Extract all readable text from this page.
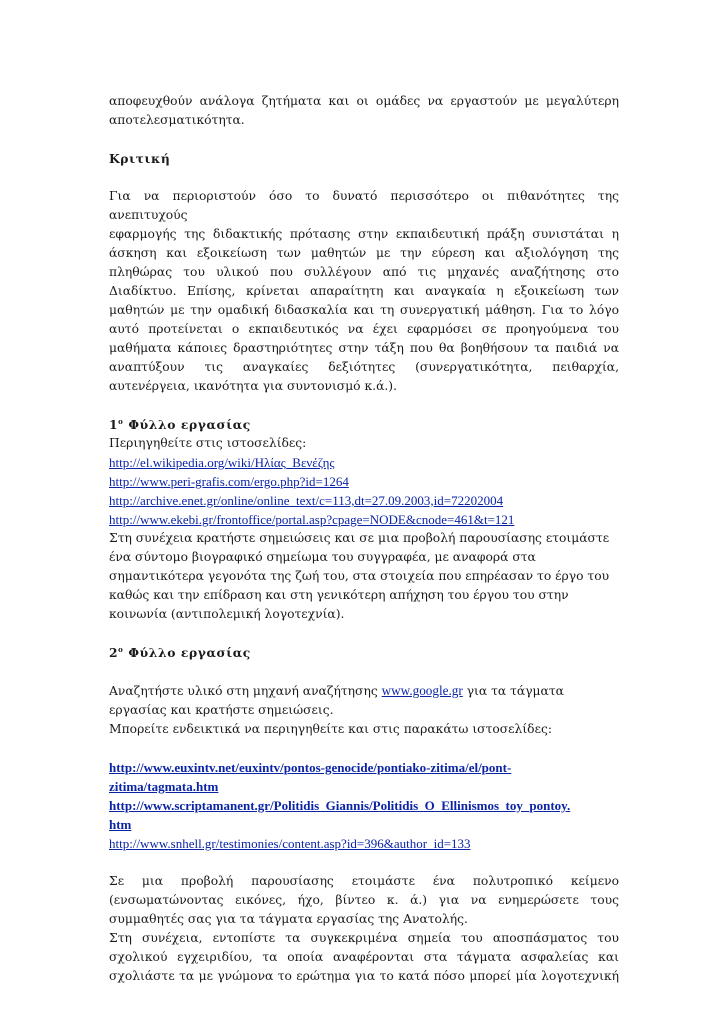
αποφευχθούν ανάλογα ζητήματα και οι ομάδες να εργαστούν με μεγαλύτερη

αποτελεσματικότητα.

Κριτική

Για να περιοριστούν όσο το δυνατό περισσότερο οι πιθανότητες της ανεπιτυχούς

εφαρμογής της διδακτικής πρότασης στην εκπαιδευτική πράξη συνιστάται η

άσκηση και εξοικείωση των μαθητών με την εύρεση και αξιολόγηση της

πληθώρας του υλικού που συλλέγουν από τις μηχανές αναζήτησης στο

Διαδίκτυο. Επίσης, κρίνεται απαραίτητη και αναγκαία η εξοικείωση των

μαθητών με την ομαδική διδασκαλία και τη συνεργατική μάθηση. Για το λόγο

αυτό προτείνεται ο εκπαιδευτικός να έχει εφαρμόσει σε προηγούμενα του

μαθήματα κάποιες δραστηριότητες στην τάξη που θα βοηθήσουν τα παιδιά να

αναπτύξουν τις αναγκαίες δεξιότητες (συνεργατικότητα, πειθαρχία,

αυτενέργεια, ικανότητα για συντονισμό κ.ά.).

$1^o$ Φύλλο εργασίας

Περιηγηθείτε στις ιστοσελίδες:

http://el.wikipedia.org/wiki/Ηλίας_Βενέζης
http://www.peri-grafis.com/ergo.php?id=1264
http://archive.enet.gr/online/online_text/c=113,dt=27.09.2003,id=72202004
http://www.ekebi.gr/frontoffice/portal.asp?cpage=NODE&cnode=461&t=121

Στη συνέχεια κρατήστε σημειώσεις και σε μια προβολή παρουσίασης ετοιμάστε

ένα σύντομο βιογραφικό σημείωμα του συγγραφέα, με αναφορά στα

σημαντικότερα γεγονότα της ζωή του, στα στοιχεία που επηρέασαν το έργο του

καθώς και την επίδραση και στη γενικότερη απήχηση του έργου του στην

κοινωνία (αντιπολεμική λογοτεχνία).

$2^o$ Φύλλο εργασίας

Αναζητήστε υλικό στη μηχανή αναζήτησης www.google.gr για τα τάγματα

εργασίας και κρατήστε σημειώσεις.

Μπορείτε ενδεικτικά να περιηγηθείτε και στις παρακάτω ιστοσελίδες:

http://www.euxintv.net/euxintv/pontos-genocide/pontiako-zitima/el/pont-
zitima/tagmata.htm
http://www.scriptamanent.gr/Politidis_Giannis/Politidis_O_Ellinismos_toy_pontoy.
htm
http://www.snhell.gr/testimonies/content.asp?id=396&author_id=133

Σε μια προβολή παρουσίασης ετοιμάστε ένα πολυτροπικό κείμενο

(ενσωματώνοντας εικόνες, ήχο, βίντεο κ. ά.) για να ενημερώσετε τους

συμμαθητές σας για τα τάγματα εργασίας της Ανατολής.

Στη συνέχεια, εντοπίστε τα συγκεκριμένα σημεία του αποσπάσματος του

σχολικού εγχειριδίου, τα οποία αναφέρονται στα τάγματα ασφαλείας και

σχολιάστε τα με γνώμονα το ερώτημα για το κατά πόσο μπορεί μία λογοτεχνική
